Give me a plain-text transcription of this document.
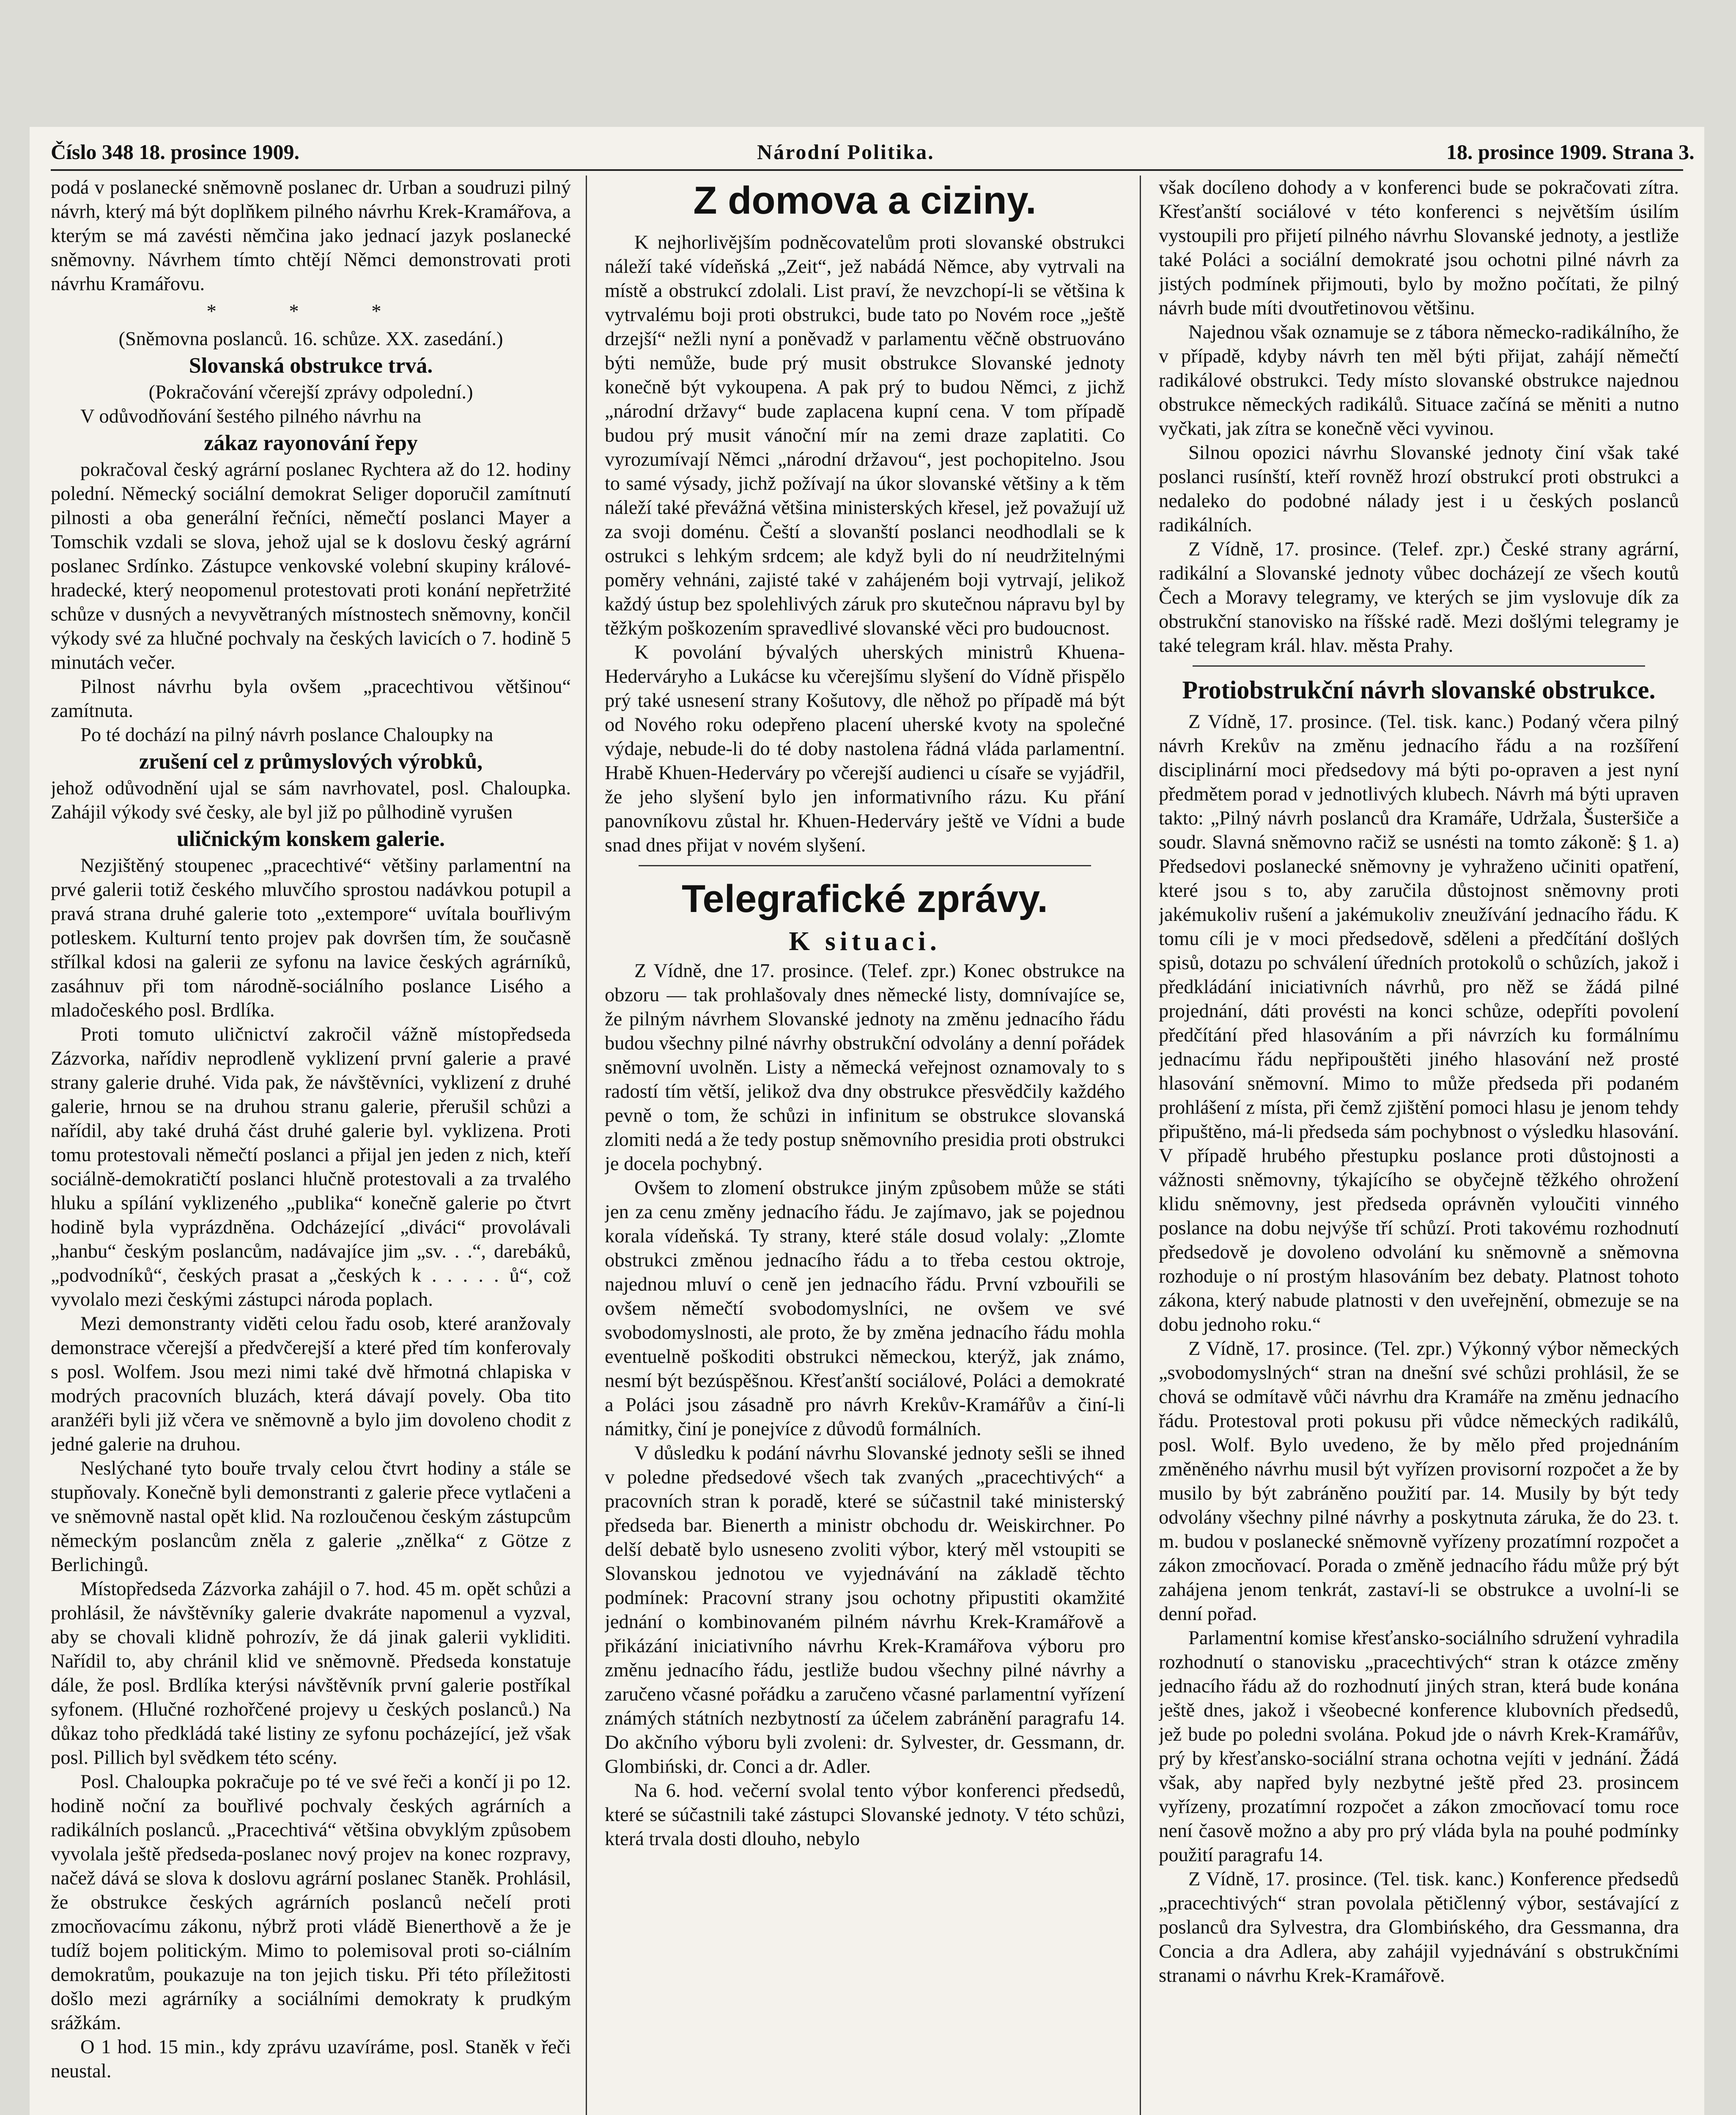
Číslo 348 18. prosince 1909.	Národní Politika.	18. prosince 1909. Strana 3.

podá v poslanecké sněmovně poslanec dr. Urban a soudruzi pilný návrh, který má být doplňkem pilného návrhu Krek-Kramářova, a kterým se má zavésti němčina jako jednací jazyk poslanecké sněmovny. Návrhem tímto chtějí Němci demonstrovati proti návrhu Kramářovu.

* * *

(Sněmovna poslanců. 16. schůze. XX. zasedání.)

Slovanská obstrukce trvá.

(Pokračování včerejší zprávy odpolední.)

V odůvodňování šestého pilného návrhu na

zákaz rayonování řepy

pokračoval český agrární poslanec Rychtera až do 12. hodiny polední. Německý sociální demokrat Seliger doporučil zamítnutí pilnosti a oba generální řečníci, němečtí poslanci Mayer a Tomschik vzdali se slova, jehož ujal se k doslovu český agrární poslanec Srdínko. Zástupce venkovské volební skupiny králové-hradecké, který neopomenul protestovati proti konání nepřetržité schůze v dusných a nevyvětraných místnostech sněmovny, končil výkody své za hlučné pochvaly na českých lavicích o 7. hodině 5 minutách večer.

Pilnost návrhu byla ovšem „pracechtivou většinou“ zamítnuta.

Po té dochází na pilný návrh poslance Chaloupky na

zrušení cel z průmyslových výrobků,

jehož odůvodnění ujal se sám navrhovatel, posl. Chaloupka. Zahájil výkody své česky, ale byl již po půlhodině vyrušen

uličnickým konskem galerie.

Nezjištěný stoupenec „pracechtivé“ většiny parlamentní na prvé galerii totiž českého mluvčího sprostou nadávkou potupil a pravá strana druhé galerie toto „extempore“ uvítala bouřlivým potleskem. Kulturní tento projev pak dovršen tím, že současně střílkal kdosi na galerii ze syfonu na lavice českých agrárníků, zasáhnuv při tom národně-sociálního poslance Lisého a mladočeského posl. Brdlíka.

Proti tomuto uličnictví zakročil vážně místopředseda Zázvorka, nařídiv neprodleně vyklizení první galerie a pravé strany galerie druhé. Vida pak, že návštěvníci, vyklizení z druhé galerie, hrnou se na druhou stranu galerie, přerušil schůzi a nařídil, aby také druhá část druhé galerie byl. vyklizena. Proti tomu protestovali němečtí poslanci a přijal jen jeden z nich, kteří sociálně-demokratičtí poslanci hlučně protestovali a za trvalého hluku a spílání vyklizeného „publika“ konečně galerie po čtvrt hodině byla vyprázdněna. Odcházející „diváci“ provolávali „hanbu“ českým poslancům, nadávajíce jim „sv. . .“, darebáků, „podvodníků“, českých prasat a „českých k . . . . . ů“, což vyvolalo mezi českými zástupci národa poplach.

Mezi demonstranty viděti celou řadu osob, které aranžovaly demonstrace včerejší a předvčerejší a které před tím konferovaly s posl. Wolfem. Jsou mezi nimi také dvě hřmotná chlapiska v modrých pracovních bluzách, která dávají povely. Oba tito aranžéři byli již včera ve sněmovně a bylo jim dovoleno chodit z jedné galerie na druhou.

Neslýchané tyto bouře trvaly celou čtvrt hodiny a stále se stupňovaly. Konečně byli demonstranti z galerie přece vytlačeni a ve sněmovně nastal opět klid. Na rozloučenou českým zástupcům německým poslancům zněla z galerie „znělka“ z Götze z Berlichingů.

Místopředseda Zázvorka zahájil o 7. hod. 45 m. opět schůzi a prohlásil, že návštěvníky galerie dvakráte napomenul a vyzval, aby se chovali klidně pohrozív, že dá jinak galerii vykliditi. Nařídil to, aby chránil klid ve sněmovně. Předseda konstatuje dále, že posl. Brdlíka kterýsi návštěvník první galerie postříkal syfonem. (Hlučné rozhořčené projevy u českých poslanců.) Na důkaz toho předkládá také listiny ze syfonu pocházející, jež však posl. Pillich byl svědkem této scény.

Posl. Chaloupka pokračuje po té ve své řeči a končí ji po 12. hodině noční za bouřlivé pochvaly českých agrárních a radikálních poslanců. „Pracechtivá“ většina obvyklým způsobem vyvolala ještě předseda-poslanec nový projev na konec rozpravy, načež dává se slova k doslovu agrární poslanec Staněk. Prohlásil, že obstrukce českých agrárních poslanců nečelí proti zmocňovacímu zákonu, nýbrž proti vládě Bienerthově a že je tudíž bojem politickým. Mimo to polemisoval proti so-ciálním demokratům, poukazuje na ton jejich tisku. Při této příležitosti došlo mezi agrárníky a sociálními demokraty k prudkým srážkám.

O 1 hod. 15 min., kdy zprávu uzavíráme, posl. Staněk v řeči neustal.

Z domova a ciziny.

K nejhorlivějším podněcovatelům proti slovanské obstrukci náleží také vídeňská „Zeit“, jež nabádá Němce, aby vytrvali na místě a obstrukcí zdolali. List praví, že nevzchopí-li se většina k vytrvalému boji proti obstrukci, bude tato po Novém roce „ještě drzejší“ nežli nyní a poněvadž v parlamentu věčně obstruováno býti nemůže, bude prý musit obstrukce Slovanské jednoty konečně být vykoupena. A pak prý to budou Němci, z jichž „národní državy“ bude zaplacena kupní cena. V tom případě budou prý musit vánoční mír na zemi draze zaplatiti. Co vyrozumívají Němci „národní državou“, jest pochopitelno. Jsou to samé výsady, jichž požívají na úkor slovanské většiny a k těm náleží také převážná většina ministerských křesel, jež považují už za svoji doménu. Čeští a slovanští poslanci neodhodlali se k ostrukci s lehkým srdcem; ale když byli do ní neudržitelnými poměry vehnáni, zajisté také v zahájeném boji vytrvají, jelikož každý ústup bez spolehlivých záruk pro skutečnou nápravu byl by těžkým poškozením spravedlivé slovanské věci pro budoucnost.

K povolání bývalých uherských ministrů Khuena-Hederváryho a Lukácse ku včerejšímu slyšení do Vídně přispělo prý také usnesení strany Košutovy, dle něhož po případě má být od Nového roku odepřeno placení uherské kvoty na společné výdaje, nebude-li do té doby nastolena řádná vláda parlamentní. Hrabě Khuen-Hederváry po včerejší audienci u císaře se vyjádřil, že jeho slyšení bylo jen informativního rázu. Ku přání panovníkovu zůstal hr. Khuen-Hederváry ještě ve Vídni a bude snad dnes přijat v novém slyšení.

Telegrafické zprávy.
K situaci.

Z Vídně, dne 17. prosince. (Telef. zpr.) Konec obstrukce na obzoru — tak prohlašovaly dnes německé listy, domnívajíce se, že pilným návrhem Slovanské jednoty na změnu jednacího řádu budou všechny pilné návrhy obstrukční odvolány a denní pořádek sněmovní uvolněn. Listy a německá veřejnost oznamovaly to s radostí tím větší, jelikož dva dny obstrukce přesvědčily každého pevně o tom, že schůzi in infinitum se obstrukce slovanská zlomiti nedá a že tedy postup sněmovního presidia proti obstrukci je docela pochybný.

Ovšem to zlomení obstrukce jiným způsobem může se státi jen za cenu změny jednacího řádu. Je zajímavo, jak se pojednou korala vídeňská. Ty strany, které stále dosud volaly: „Zlomte obstrukci změnou jednacího řádu a to třeba cestou oktroje, najednou mluví o ceně jen jednacího řádu. První vzbouřili se ovšem němečtí svobodomyslníci, ne ovšem ve své svobodomyslnosti, ale proto, že by změna jednacího řádu mohla eventuelně poškoditi obstrukci německou, kterýž, jak známo, nesmí být bezúspěšnou. Křesťanští sociálové, Poláci a demokraté a Poláci jsou zásadně pro návrh Krekův-Kramářův a činí-li námitky, činí je ponejvíce z důvodů formálních.

V důsledku k podání návrhu Slovanské jednoty sešli se ihned v poledne předsedové všech tak zvaných „pracechtivých“ a pracovních stran k poradě, které se súčastnil také ministerský předseda bar. Bienerth a ministr obchodu dr. Weiskirchner. Po delší debatě bylo usneseno zvoliti výbor, který měl vstoupiti se Slovanskou jednotou ve vyjednávání na základě těchto podmínek: Pracovní strany jsou ochotny připustiti okamžité jednání o kombinovaném pilném návrhu Krek-Kramářově a přikázání iniciativního návrhu Krek-Kramářova výboru pro změnu jednacího řádu, jestliže budou všechny pilné návrhy a zaručeno včasné pořádku a zaručeno včasné parlamentní vyřízení známých státních nezbytností za účelem zabránění paragrafu 14. Do akčního výboru byli zvoleni: dr. Sylvester, dr. Gessmann, dr. Glombiński, dr. Conci a dr. Adler.

Na 6. hod. večerní svolal tento výbor konferenci předsedů, které se súčastnili také zástupci Slovanské jednoty. V této schůzi, která trvala dosti dlouho, nebylo

však docíleno dohody a v konferenci bude se pokračovati zítra. Křesťanští sociálové v této konferenci s největším úsilím vystoupili pro přijetí pilného návrhu Slovanské jednoty, a jestliže také Poláci a sociální demokraté jsou ochotni pilné návrh za jistých podmínek přijmouti, bylo by možno počítati, že pilný návrh bude míti dvoutřetinovou většinu.

Najednou však oznamuje se z tábora německo-radikálního, že v případě, kdyby návrh ten měl býti přijat, zahájí němečtí radikálové obstrukci. Tedy místo slovanské obstrukce najednou obstrukce německých radikálů. Situace začíná se měniti a nutno vyčkati, jak zítra se konečně věci vyvinou.

Silnou opozici návrhu Slovanské jednoty činí však také poslanci rusínští, kteří rovněž hrozí obstrukcí proti obstrukci a nedaleko do podobné nálady jest i u českých poslanců radikálních.

Z Vídně, 17. prosince. (Telef. zpr.) České strany agrární, radikální a Slovanské jednoty vůbec docházejí ze všech koutů Čech a Moravy telegramy, ve kterých se jim vyslovuje dík za obstrukční stanovisko na říšské radě. Mezi došlými telegramy je také telegram král. hlav. města Prahy.

Protiobstrukční návrh slovanské obstrukce.

Z Vídně, 17. prosince. (Tel. tisk. kanc.) Podaný včera pilný návrh Krekův na změnu jednacího řádu a na rozšíření disciplinární moci předsedovy má býti po-opraven a jest nyní předmětem porad v jednotlivých klubech. Návrh má býti upraven takto: „Pilný návrh poslanců dra Kramáře, Udržala, Šusteršiče a soudr. Slavná sněmovno račiž se usnésti na tomto zákoně: § 1. a) Předsedovi poslanecké sněmovny je vyhraženo učiniti opatření, které jsou s to, aby zaručila důstojnost sněmovny proti jakémukoliv rušení a jakémukoliv zneužívání jednacího řádu. K tomu cíli je v moci předsedově, sděleni a předčítání došlých spisů, dotazu po schválení úředních protokolů o schůzích, jakož i předkládání iniciativních návrhů, pro něž se žádá pilné projednání, dáti provésti na konci schůze, odepříti povolení předčítání před hlasováním a při návrzích ku formálnímu jednacímu řádu nepřipouštěti jiného hlasování než prosté hlasování sněmovní. Mimo to může předseda při podaném prohlášení z místa, při čemž zjištění pomoci hlasu je jenom tehdy připuštěno, má-li předseda sám pochybnost o výsledku hlasování. V případě hrubého přestupku poslance proti důstojnosti a vážnosti sněmovny, týkajícího se obyčejně těžkého ohrožení klidu sněmovny, jest předseda oprávněn vyloučiti vinného poslance na dobu nejvýše tří schůzí. Proti takovému rozhodnutí předsedově je dovoleno odvolání ku sněmovně a sněmovna rozhoduje o ní prostým hlasováním bez debaty. Platnost tohoto zákona, který nabude platnosti v den uveřejnění, obmezuje se na dobu jednoho roku.“

Z Vídně, 17. prosince. (Tel. zpr.) Výkonný výbor německých „svobodomyslných“ stran na dnešní své schůzi prohlásil, že se chová se odmítavě vůči návrhu dra Kramáře na změnu jednacího řádu. Protestoval proti pokusu při vůdce německých radikálů, posl. Wolf. Bylo uvedeno, že by mělo před projednáním změněného návrhu musil být vyřízen provisorní rozpočet a že by musilo by být zabráněno použití par. 14. Musily by být tedy odvolány všechny pilné návrhy a poskytnuta záruka, že do 23. t. m. budou v poslanecké sněmovně vyřízeny prozatímní rozpočet a zákon zmocňovací. Porada o změně jednacího řádu může prý být zahájena jenom tenkrát, zastaví-li se obstrukce a uvolní-li se denní pořad.

Parlamentní komise křesťansko-sociálního sdružení vyhradila rozhodnutí o stanovisku „pracechtivých“ stran k otázce změny jednacího řádu až do rozhodnutí jiných stran, která bude konána ještě dnes, jakož i všeobecné konference klubovních předsedů, jež bude po poledni svolána. Pokud jde o návrh Krek-Kramářův, prý by křesťansko-sociální strana ochotna vejíti v jednání. Žádá však, aby napřed byly nezbytné ještě před 23. prosincem vyřízeny, prozatímní rozpočet a zákon zmocňovací tomu roce není časově možno a aby pro prý vláda byla na pouhé podmínky použití paragrafu 14.

Z Vídně, 17. prosince. (Tel. tisk. kanc.) Konference předsedů „pracechtivých“ stran povolala pětičlenný výbor, sestávající z poslanců dra Sylvestra, dra Glombińského, dra Gessmanna, dra Concia a dra Adlera, aby zahájil vyjednávání s obstrukčními stranami o návrhu Krek-Kramářově.
